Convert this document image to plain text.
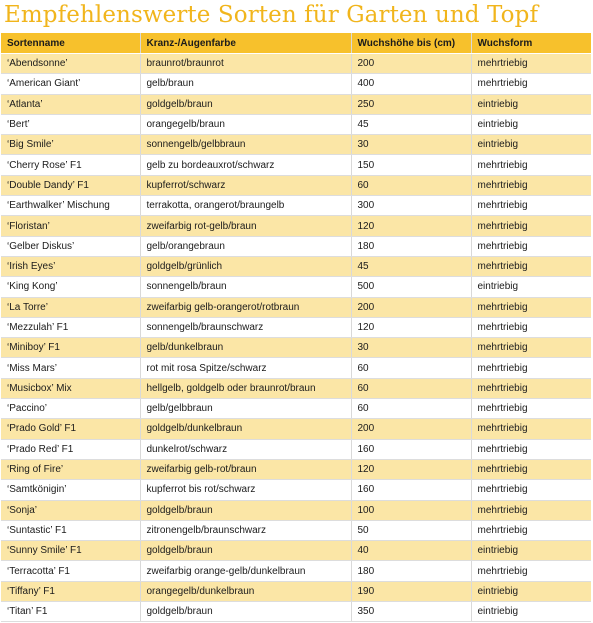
Empfehlenswerte Sorten für Garten und Topf
Sortenname	Kranz-/Augenfarbe	Wuchshöhe bis (cm)	Wuchsform
‘Abendsonne’	braunrot/braunrot	200	mehrtriebig
‘American Giant’	gelb/braun	400	mehrtriebig
‘Atlanta’	goldgelb/braun	250	eintriebig
‘Bert’	orangegelb/braun	45	eintriebig
‘Big Smile’	sonnengelb/gelbbraun	30	eintriebig
‘Cherry Rose’ F1	gelb zu bordeauxrot/schwarz	150	mehrtriebig
‘Double Dandy’ F1	kupferrot/schwarz	60	mehrtriebig
‘Earthwalker’ Mischung	terrakotta, orangerot/braungelb	300	mehrtriebig
‘Floristan’	zweifarbig rot-gelb/braun	120	mehrtriebig
‘Gelber Diskus’	gelb/orangebraun	180	mehrtriebig
‘Irish Eyes’	goldgelb/grünlich	45	mehrtriebig
‘King Kong’	sonnengelb/braun	500	eintriebig
‘La Torre’	zweifarbig gelb-orangerot/rotbraun	200	mehrtriebig
‘Mezzulah’ F1	sonnengelb/braunschwarz	120	mehrtriebig
‘Miniboy’ F1	gelb/dunkelbraun	30	mehrtriebig
‘Miss Mars’	rot mit rosa Spitze/schwarz	60	mehrtriebig
‘Musicbox’ Mix	hellgelb, goldgelb oder braunrot/braun	60	mehrtriebig
‘Paccino’	gelb/gelbbraun	60	mehrtriebig
‘Prado Gold’ F1	goldgelb/dunkelbraun	200	mehrtriebig
‘Prado Red’ F1	dunkelrot/schwarz	160	mehrtriebig
‘Ring of Fire’	zweifarbig gelb-rot/braun	120	mehrtriebig
‘Samtkönigin’	kupferrot bis rot/schwarz	160	mehrtriebig
‘Sonja’	goldgelb/braun	100	mehrtriebig
‘Suntastic’ F1	zitronengelb/braunschwarz	50	mehrtriebig
‘Sunny Smile’ F1	goldgelb/braun	40	eintriebig
‘Terracotta’ F1	zweifarbig orange-gelb/dunkelbraun	180	mehrtriebig
‘Tiffany’ F1	orangegelb/dunkelbraun	190	eintriebig
‘Titan’ F1	goldgelb/braun	350	eintriebig
